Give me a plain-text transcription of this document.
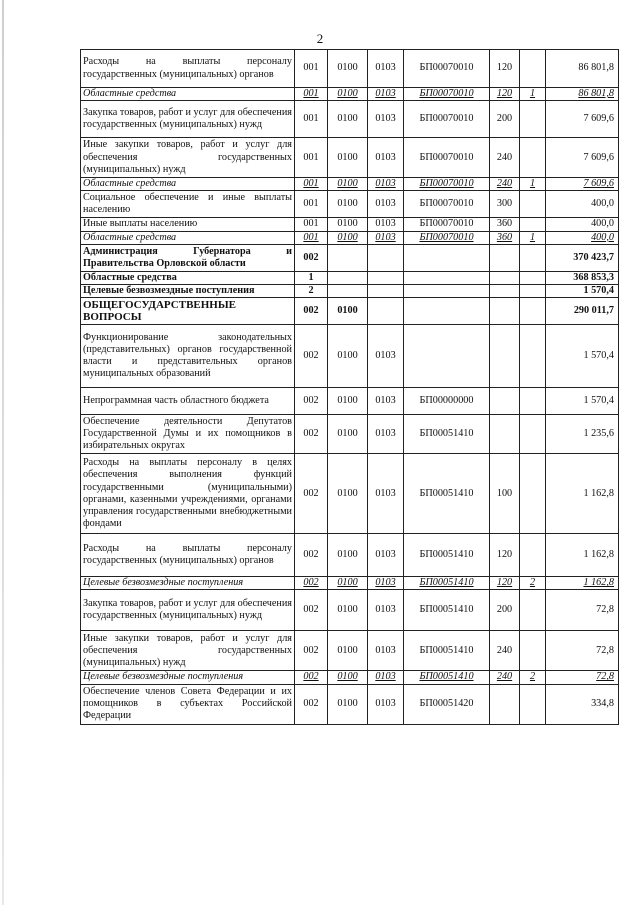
2
Расходы на выплаты персоналу государственных (муниципальных) органов	001	0100	0103	БП00070010	120		86 801,8
Областные средства	001	0100	0103	БП00070010	120	1	86 801,8
Закупка товаров, работ и услуг для обеспечения государственных (муниципальных) нужд	001	0100	0103	БП00070010	200		7 609,6
Иные закупки товаров, работ и услуг для обеспечения государственных (муниципальных) нужд	001	0100	0103	БП00070010	240		7 609,6
Областные средства	001	0100	0103	БП00070010	240	1	7 609,6
Социальное обеспечение и иные выплаты населению	001	0100	0103	БП00070010	300		400,0
Иные выплаты населению	001	0100	0103	БП00070010	360		400,0
Областные средства	001	0100	0103	БП00070010	360	1	400,0
Администрация Губернатора и Правительства Орловской области	002						370 423,7
Областные средства	1						368 853,3
Целевые безвозмездные поступления	2						1 570,4
ОБЩЕГОСУДАРСТВЕННЫЕ ВОПРОСЫ	002	0100					290 011,7
Функционирование законодательных (представительных) органов государственной власти и представительных органов муниципальных образований	002	0100	0103				1 570,4
Непрограммная часть областного бюджета	002	0100	0103	БП00000000			1 570,4
Обеспечение деятельности Депутатов Государственной Думы и их помощников в избирательных округах	002	0100	0103	БП00051410			1 235,6
Расходы на выплаты персоналу в целях обеспечения выполнения функций государственными (муниципальными) органами, казенными учреждениями, органами управления государственными внебюджетными фондами	002	0100	0103	БП00051410	100		1 162,8
Расходы на выплаты персоналу государственных (муниципальных) органов	002	0100	0103	БП00051410	120		1 162,8
Целевые безвозмездные поступления	002	0100	0103	БП00051410	120	2	1 162,8
Закупка товаров, работ и услуг для обеспечения государственных (муниципальных) нужд	002	0100	0103	БП00051410	200		72,8
Иные закупки товаров, работ и услуг для обеспечения государственных (муниципальных) нужд	002	0100	0103	БП00051410	240		72,8
Целевые безвозмездные поступления	002	0100	0103	БП00051410	240	2	72,8
Обеспечение членов Совета Федерации и их помощников в субъектах Российской Федерации	002	0100	0103	БП00051420			334,8
